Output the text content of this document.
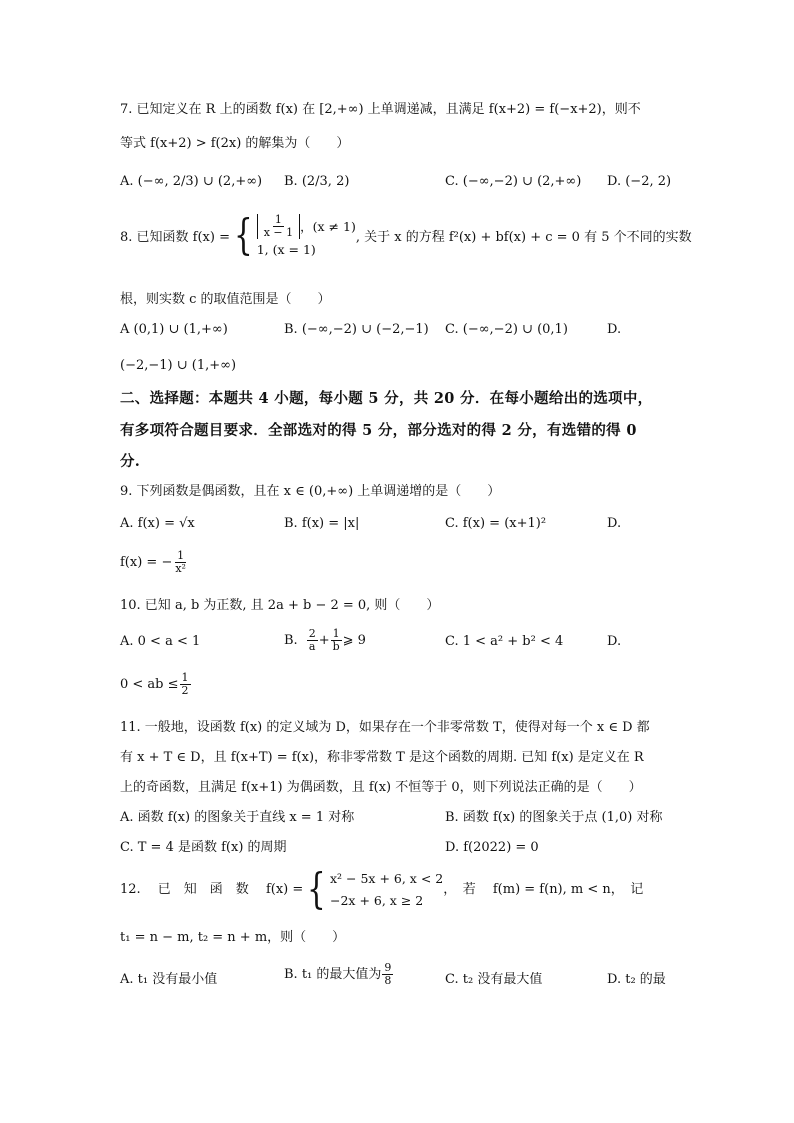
7. 已知定义在 R 上的函数 f(x) 在 [2,+∞) 上单调递减，且满足 f(x+2) = f(−x+2)，则不
等式 f(x+2) > f(2x) 的解集为（　　）
A. (−∞, 2/3) ∪ (2,+∞) B. (2/3, 2)	C. (−∞,−2) ∪ (2,+∞) D. (−2, 2)
8. 已知函数 f(x) = { $\frac{1}{x - 1}$ ，(x ≠ 1)
1, (x = 1)
, 关于 x 的方程 f²(x) + bf(x) + c = 0 有 5 个不同的实数
根，则实数 c 的取值范围是（　　）
A (0,1) ∪ (1,+∞)	B. (−∞,−2) ∪ (−2,−1) C. (−∞,−2) ∪ (0,1)	D.
(−2,−1) ∪ (1,+∞)
二、选择题：本题共 4 小题，每小题 5 分，共 20 分．在每小题给出的选项中，
有多项符合题目要求．全部选对的得 5 分，部分选对的得 2 分，有选错的得 0
分.
9. 下列函数是偶函数，且在 x ∈ (0,+∞) 上单调递增的是（　　）
A. f(x) = √x	B. f(x) = |x|	C. f(x) = (x+1)²	D.
f(x) = − $\frac{1}{\text{x²}}$
10. 已知 a, b 为正数, 且 2a + b − 2 = 0, 则（　　）
A. 0 < a < 1	B. $\frac{2}{a} + \frac{1}{b}$ ⩾ 9	C. 1 < a² + b² < 4	D.
0 < ab ≤ $\frac{1}{2}$
11. 一般地，设函数 f(x) 的定义域为 D，如果存在一个非零常数 T，使得对每一个 x ∈ D 都
有 x + T ∈ D，且 f(x+T) = f(x)，称非零常数 T 是这个函数的周期. 已知 f(x) 是定义在 R
上的奇函数，且满足 f(x+1) 为偶函数，且 f(x) 不恒等于 0，则下列说法正确的是（　　）
A. 函数 f(x) 的图象关于直线 x = 1 对称	B. 函数 f(x) 的图象关于点 (1,0) 对称
C. T = 4 是函数 f(x) 的周期	D. f(2022) = 0
12.　 已　知　函　数　 f(x) = { x² − 5x + 6, x < 2
−2x + 6, x ≥ 2
，　若　 f(m) = f(n), m < n，　记
t₁ = n − m, t₂ = n + m，则（　　）
A. t₁ 没有最小值	B. t₁ 的最大值为 $\frac{9}{8}$	C. t₂ 没有最大值	D. t₂ 的最
